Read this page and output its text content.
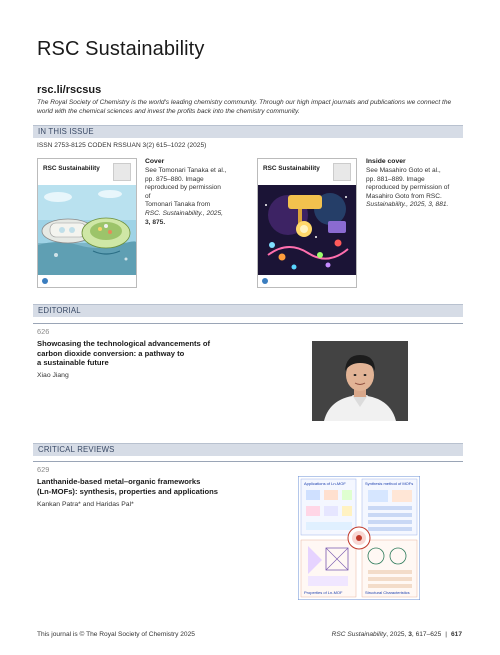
RSC Sustainability
rsc.li/rscsus
The Royal Society of Chemistry is the world's leading chemistry community. Through our high impact journals and publications we connect the world with the chemical sciences and invest the profits back into the chemistry community.
IN THIS ISSUE
ISSN 2753-8125 CODEN RSSUAN 3(2) 615–1022 (2025)
RSC Sustainability
Cover
See Tomonari Tanaka et al.,
pp. 875–880. Image
reproduced by permission of
Tomonari Tanaka from
RSC. Sustainability., 2025,
3, 875.
RSC Sustainability
Inside cover
See Masahiro Goto et al.,
pp. 881–889. Image
reproduced by permission of
Masahiro Goto from RSC.
Sustainability., 2025, 3, 881.
EDITORIAL
626
Showcasing the technological advancements of
carbon dioxide conversion: a pathway to
a sustainable future
Xiao Jiang
CRITICAL REVIEWS
629
Lanthanide-based metal–organic frameworks
(Ln-MOFs): synthesis, properties and applications
Kankan Patra* and Haridas Pal*
Applications of Ln-MOF	Synthesis method of MOFs
Properties of Ln-MOF	Structural Characteristics
This journal is © The Royal Society of Chemistry 2025	RSC Sustainability, 2025, 3, 617–625 | 617
